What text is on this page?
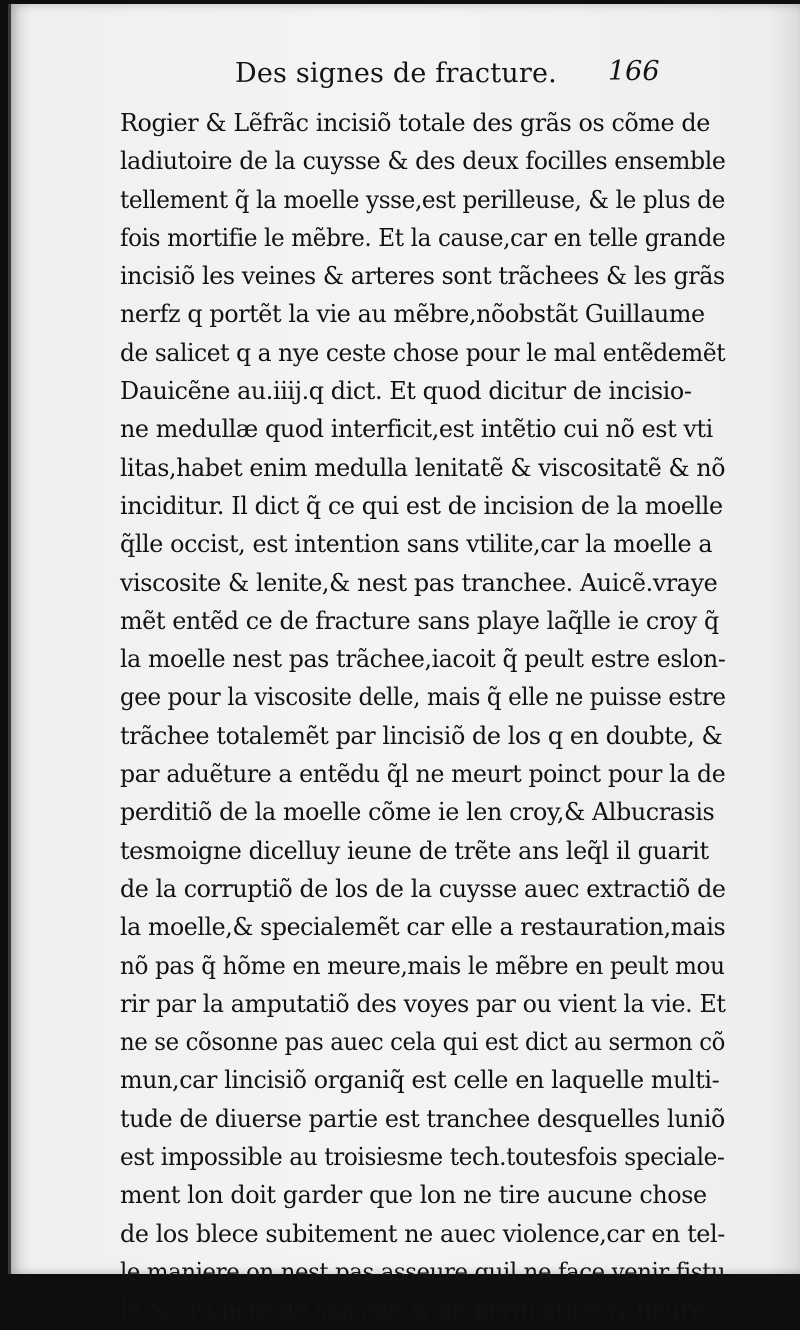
Des signes de fracture. 166
Rogier & Lẽfrãc incisiõ totale des grãs os cõme de
ladiutoire de la cuysse & des deux focilles ensemble
tellement q̃ la moelle ysse,est perilleuse, & le plus de
fois mortifie le mẽbre. Et la cause,car en telle grande
incisiõ les veines & arteres sont trãchees & les grãs
nerfz q portẽt la vie au mẽbre,nõobstãt Guillaume
de salicet q a nye ceste chose pour le mal entẽdemẽt
Dauicẽne au.iiij.q dict. Et quod dicitur de incisio-
ne medullæ quod interficit,est intẽtio cui nõ est vti
litas,habet enim medulla lenitatẽ & viscositatẽ & nõ
inciditur. Il dict q̃ ce qui est de incision de la moelle
q̃lle occist, est intention sans vtilite,car la moelle a
viscosite & lenite,& nest pas tranchee. Auicẽ.vraye
mẽt entẽd ce de fracture sans playe laq̃lle ie croy q̃
la moelle nest pas trãchee,iacoit q̃ peult estre eslon-
gee pour la viscosite delle, mais q̃ elle ne puisse estre
trãchee totalemẽt par lincisiõ de los q en doubte, &
par aduẽture a entẽdu q̃l ne meurt poinct pour la de
perditiõ de la moelle cõme ie len croy,& Albucrasis
tesmoigne dicelluy ieune de trẽte ans leq̃l il guarit
de la corruptiõ de los de la cuysse auec extractiõ de
la moelle,& specialemẽt car elle a restauration,mais
nõ pas q̃ hõme en meure,mais le mẽbre en peult mou
rir par la amputatiõ des voyes par ou vient la vie. Et
ne se cõsonne pas auec cela qui est dict au sermon cõ
mun,car lincisiõ organiq̃ est celle en laquelle multi-
tude de diuerse partie est tranchee desquelles luniõ
est impossible au troisiesme tech.toutesfois speciale-
ment lon doit garder que lon ne tire aucune chose
de los blece subitement ne auec violence,car en tel-
le maniere on nest pas asseure quil ne face venir fistu
le & craincte de spasme & de permixtion & fieure
